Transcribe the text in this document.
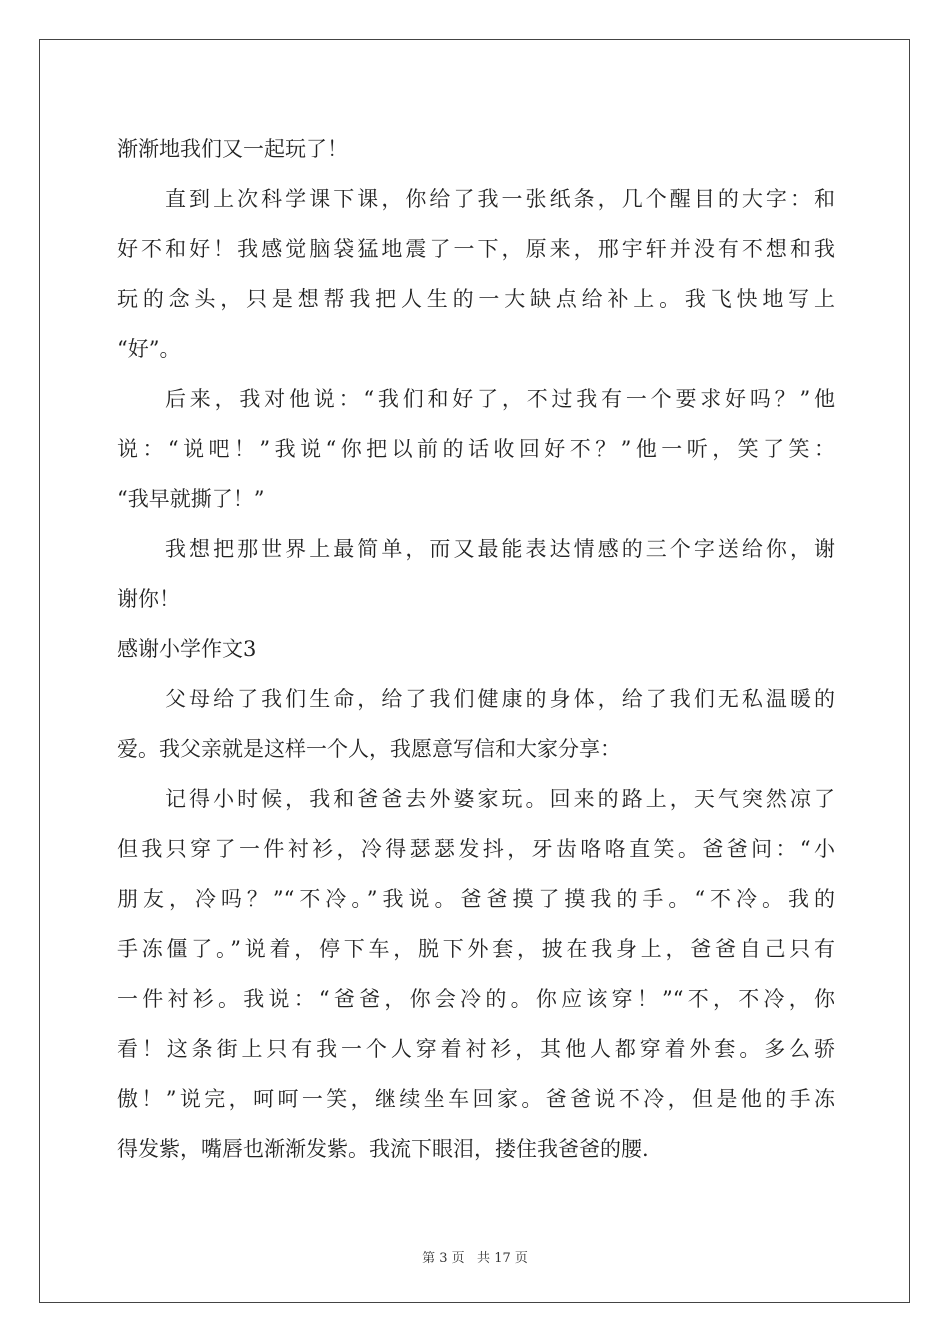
渐渐地我们又一起玩了！
直到上次科学课下课，你给了我一张纸条，几个醒目的大字：和
好不和好！我感觉脑袋猛地震了一下，原来，邢宇轩并没有不想和我
玩的念头，只是想帮我把人生的一大缺点给补上。我飞快地写上
“好”。
后来，我对他说：“我们和好了，不过我有一个要求好吗？”他
说：“说吧！”我说“你把以前的话收回好不？”他一听，笑了笑：
“我早就撕了！”
我想把那世界上最简单，而又最能表达情感的三个字送给你，谢
谢你！
感谢小学作文3
父母给了我们生命，给了我们健康的身体，给了我们无私温暖的
爱。我父亲就是这样一个人，我愿意写信和大家分享：
记得小时候，我和爸爸去外婆家玩。回来的路上，天气突然凉了
但我只穿了一件衬衫，冷得瑟瑟发抖，牙齿咯咯直笑。爸爸问：“小
朋友，冷吗？”“不冷。”我说。爸爸摸了摸我的手。“不冷。我的
手冻僵了。”说着，停下车，脱下外套，披在我身上，爸爸自己只有
一件衬衫。我说：“爸爸，你会冷的。你应该穿！”“不，不冷，你
看！这条街上只有我一个人穿着衬衫，其他人都穿着外套。多么骄
傲！”说完，呵呵一笑，继续坐车回家。爸爸说不冷，但是他的手冻
得发紫，嘴唇也渐渐发紫。我流下眼泪，搂住我爸爸的腰.
第 3 页   共 17 页
